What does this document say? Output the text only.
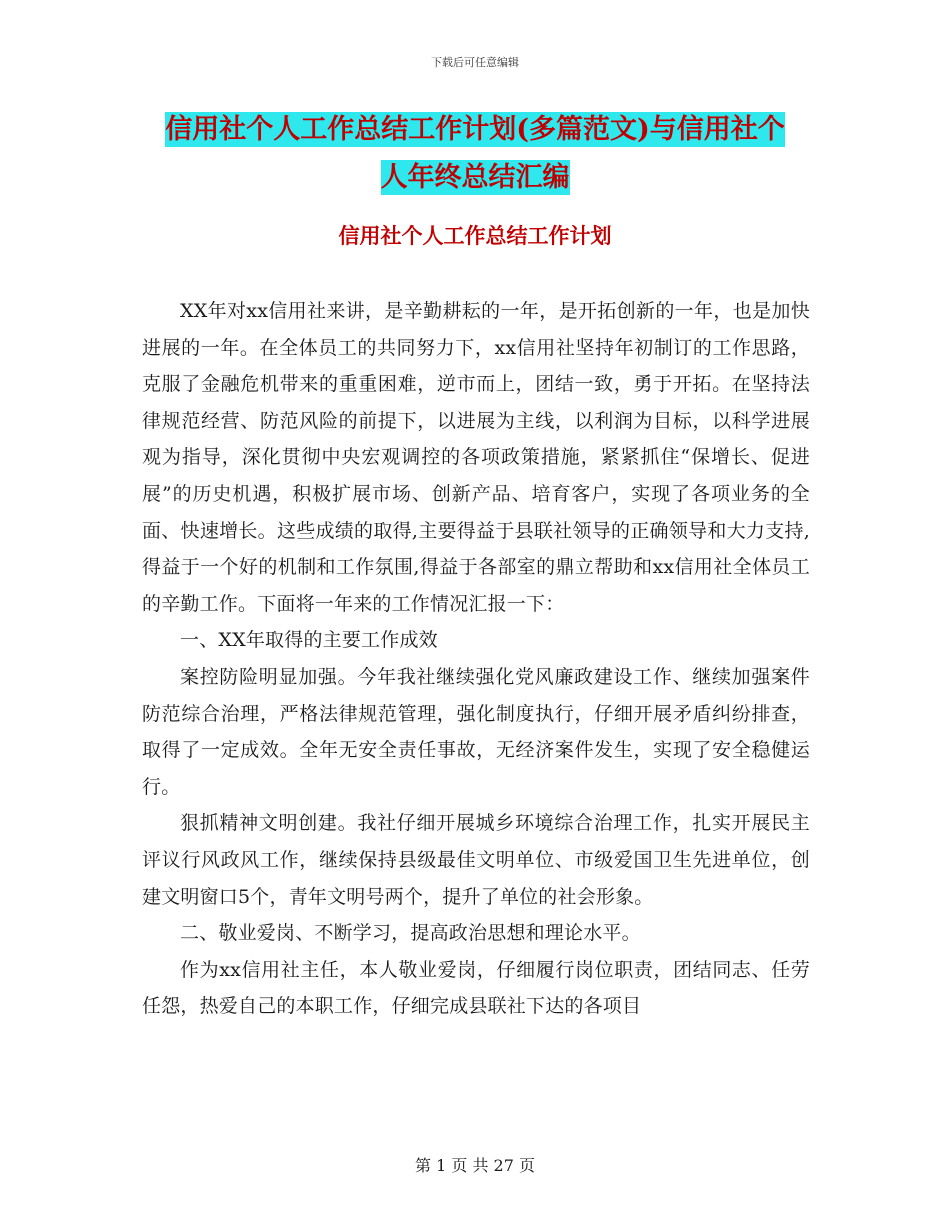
下载后可任意编辑
信用社个人工作总结工作计划(多篇范文)与信用社个
人年终总结汇编
信用社个人工作总结工作计划

XX年对xx信用社来讲，是辛勤耕耘的一年，是开拓创新的一年，也是加快进展的一年。在全体员工的共同努力下，xx信用社坚持年初制订的工作思路，克服了金融危机带来的重重困难，逆市而上，团结一致，勇于开拓。在坚持法律规范经营、防范风险的前提下，以进展为主线，以利润为目标，以科学进展观为指导，深化贯彻中央宏观调控的各项政策措施，紧紧抓住“保增长、促进展”的历史机遇，积极扩展市场、创新产品、培育客户，实现了各项业务的全面、快速增长。这些成绩的取得,主要得益于县联社领导的正确领导和大力支持,得益于一个好的机制和工作氛围,得益于各部室的鼎立帮助和xx信用社全体员工的辛勤工作。下面将一年来的工作情况汇报一下：

一、XX年取得的主要工作成效

案控防险明显加强。今年我社继续强化党风廉政建设工作、继续加强案件防范综合治理，严格法律规范管理，强化制度执行，仔细开展矛盾纠纷排查，取得了一定成效。全年无安全责任事故，无经济案件发生，实现了安全稳健运行。

狠抓精神文明创建。我社仔细开展城乡环境综合治理工作，扎实开展民主评议行风政风工作，继续保持县级最佳文明单位、市级爱国卫生先进单位，创建文明窗口5个，青年文明号两个，提升了单位的社会形象。

二、敬业爱岗、不断学习，提高政治思想和理论水平。

作为xx信用社主任，本人敬业爱岗，仔细履行岗位职责，团结同志、任劳任怨，热爱自己的本职工作，仔细完成县联社下达的各项目

第 1 页 共 27 页
